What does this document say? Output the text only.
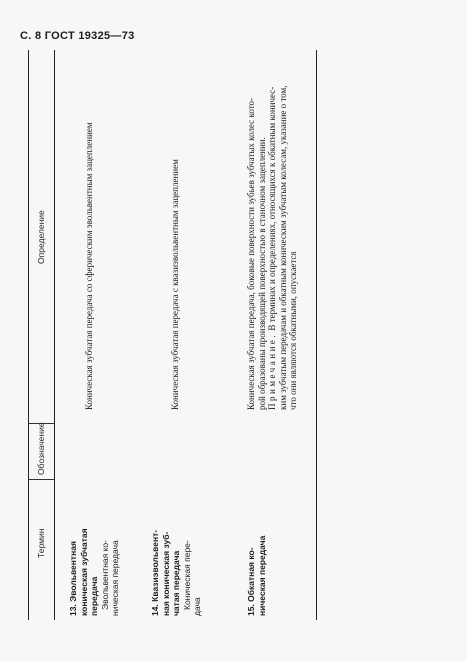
С. 8 ГОСТ 19325—73
Термин
Обозначение
Определение
13. Эвольвентная коническая зубчатая передача Эвольвентная ко- ническая передача
Коническая зубчатая передача со сферическим эвольвентным зацеплением
14. Квазиэвольвент- ная коническая зуб- чатая передача Коническая пере- дача
Коническая зубчатая передача с квазиэвольвентным зацеплением
15. Обкатная ко- ническая передача
Коническая зубчатая передача, боковые поверхности зубьев зубчатых колес кото- рой образованы производящей поверхностью в станочном зацеплении. Примечание. В терминах и определениях, относящихся к обкатным коничес- ким зубчатым передачам и обкатным коническим зубчатым колесам, указание о том, что они являются обкатными, опускается
